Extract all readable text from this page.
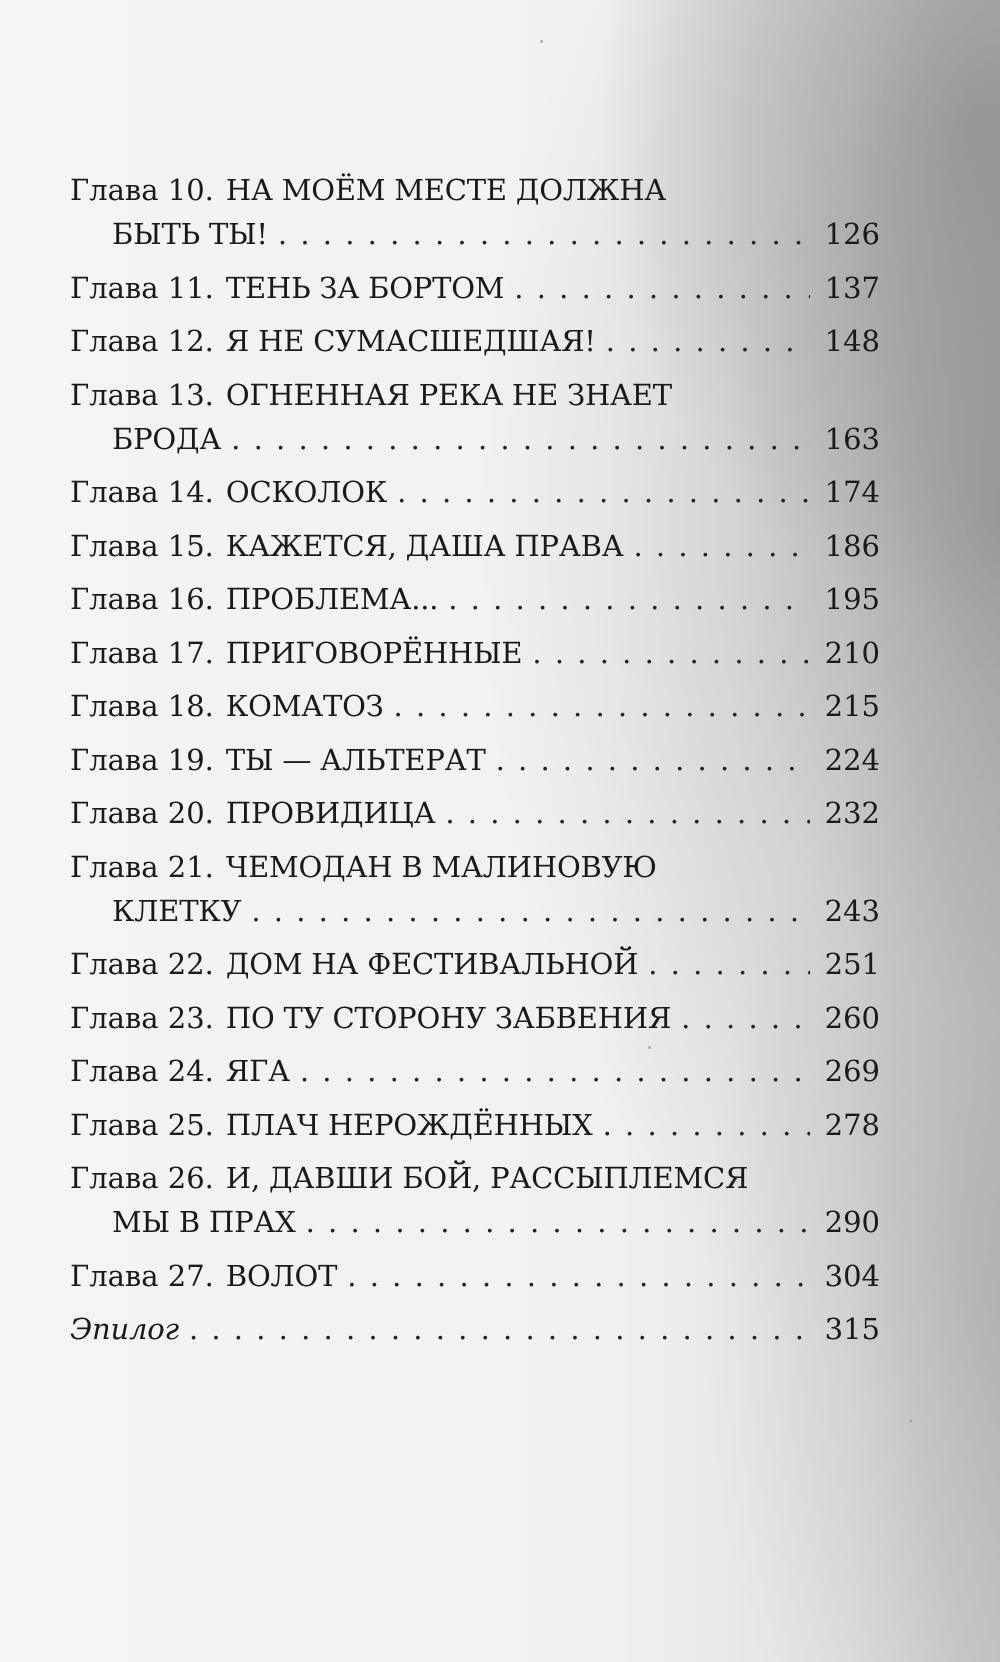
Глава 10. НА МОЁМ МЕСТЕ ДОЛЖНА
БЫТЬ ТЫ! . . .	126
Глава 11. ТЕНЬ ЗА БОРТОМ . . .	137
Глава 12. Я НЕ СУМАСШЕДШАЯ! . . .	148
Глава 13. ОГНЕННАЯ РЕКА НЕ ЗНАЕТ
БРОДА . . .	163
Глава 14. ОСКОЛОК . . .	174
Глава 15. КАЖЕТСЯ, ДАША ПРАВА . . .	186
Глава 16. ПРОБЛЕМА... . . .	195
Глава 17. ПРИГОВОРЁННЫЕ . . .	210
Глава 18. КОМАТОЗ . . .	215
Глава 19. ТЫ — АЛЬТЕРАТ . . .	224
Глава 20. ПРОВИДИЦА . . .	232
Глава 21. ЧЕМОДАН В МАЛИНОВУЮ
КЛЕТКУ . . .	243
Глава 22. ДОМ НА ФЕСТИВАЛЬНОЙ . . .	251
Глава 23. ПО ТУ СТОРОНУ ЗАБВЕНИЯ . . .	260
Глава 24. ЯГА . . .	269
Глава 25. ПЛАЧ НЕРОЖДЁННЫХ . . .	278
Глава 26. И, ДАВШИ БОЙ, РАССЫПЛЕМСЯ
МЫ В ПРАХ . . .	290
Глава 27. ВОЛОТ . . .	304
Эпилог . . .	315
